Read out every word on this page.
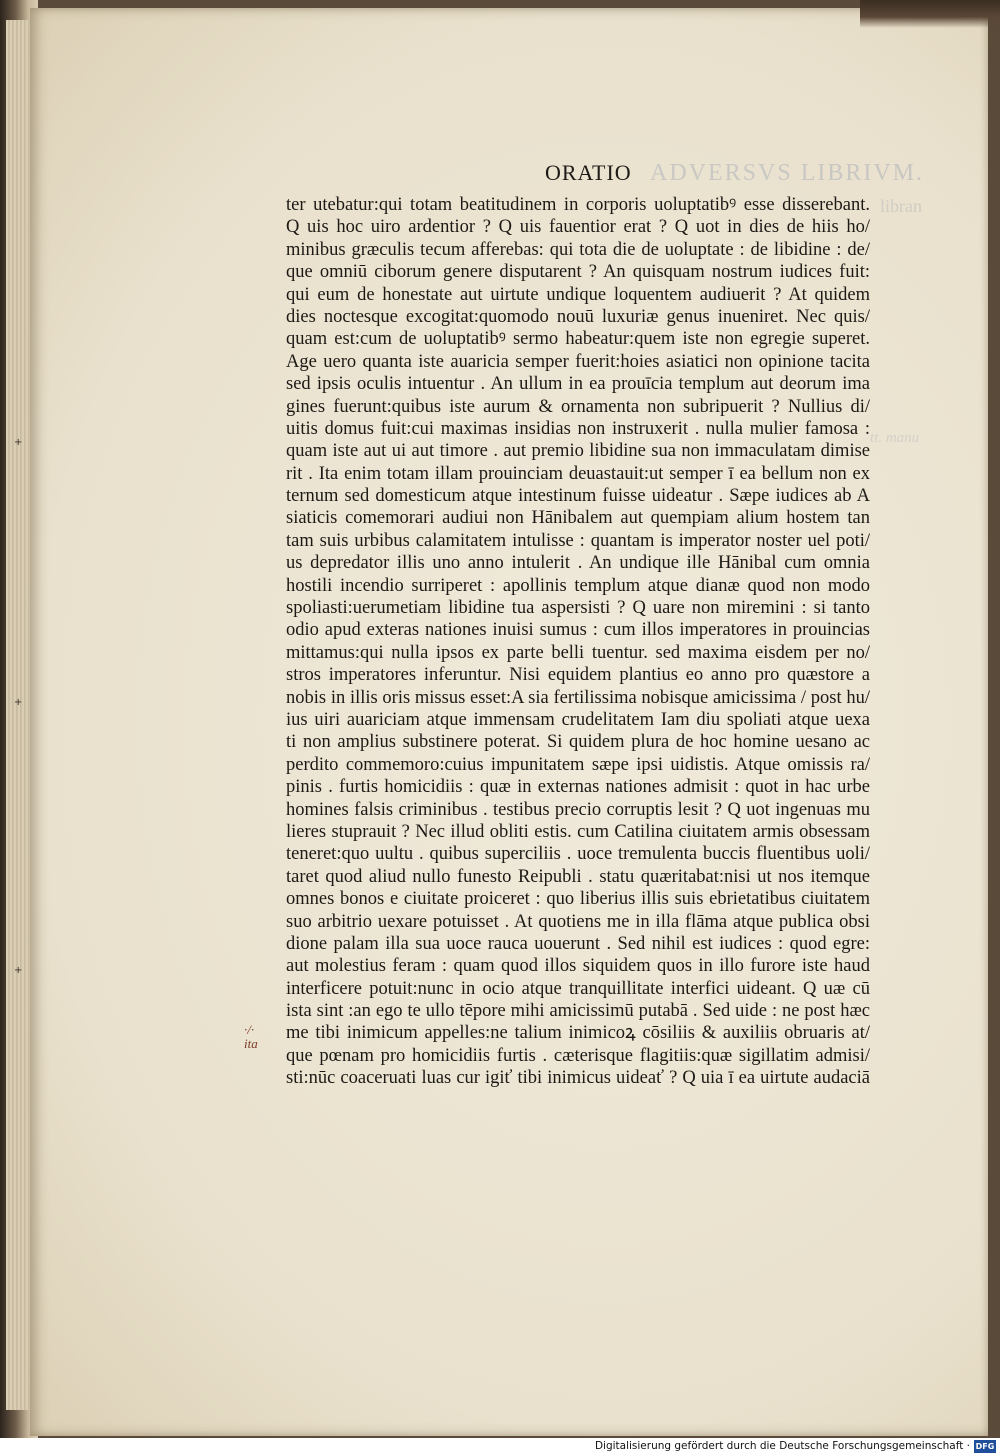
ADVERSVS LIBRIVM.
libran
tt. manu
ORATIO
ter utebatur:qui totam beatitudinem in corporis uoluptatibꝰ esse disserebant.
Q uis hoc uiro ardentior ? Q uis fauentior erat ? Q uot in dies de hiis ho/
minibus græculis tecum afferebas: qui tota die de uoluptate : de libidine : de/
que omniū ciborum genere disputarent ? An quisquam nostrum iudices fuit:
qui eum de honestate aut uirtute undique loquentem audiuerit ? At quidem
dies noctesque excogitat:quomodo nouū luxuriæ genus inueniret. Nec quis/
quam est:cum de uoluptatibꝰ sermo habeatur:quem iste non egregie superet.
Age uero quanta iste auaricia semper fuerit:hoies asiatici non opinione tacita
sed ipsis oculis intuentur . An ullum in ea prouīcia templum aut deorum ima
gines fuerunt:quibus iste aurum & ornamenta non subripuerit ? Nullius di/
uitis domus fuit:cui maximas insidias non instruxerit . nulla mulier famosa :
quam iste aut ui aut timore . aut premio libidine sua non immaculatam dimise
rit . Ita enim totam illam prouinciam deuastauit:ut semper ī ea bellum non ex
ternum sed domesticum atque intestinum fuisse uideatur . Sæpe iudices ab A
siaticis comemorari audiui non Hānibalem aut quempiam alium hostem tan
tam suis urbibus calamitatem intulisse : quantam is imperator noster uel poti/
us depredator illis uno anno intulerit . An undique ille Hānibal cum omnia
hostili incendio surriperet : apollinis templum atque dianæ quod non modo
spoliasti:uerumetiam libidine tua aspersisti ? Q uare non miremini : si tanto
odio apud exteras nationes inuisi sumus : cum illos imperatores in prouincias
mittamus:qui nulla ipsos ex parte belli tuentur. sed maxima eisdem per no/
stros imperatores inferuntur. Nisi equidem plantius eo anno pro quæstore a
nobis in illis oris missus esset:A sia fertilissima nobisque amicissima / post hu/
ius uiri auariciam atque immensam crudelitatem Iam diu spoliati atque uexa
ti non amplius substinere poterat. Si quidem plura de hoc homine uesano ac
perdito commemoro:cuius impunitatem sæpe ipsi uidistis. Atque omissis ra/
pinis . furtis homicidiis : quæ in externas nationes admisit : quot in hac urbe
homines falsis criminibus . testibus precio corruptis lesit ? Q uot ingenuas mu
lieres stuprauit ? Nec illud obliti estis. cum Catilina ciuitatem armis obsessam
teneret:quo uultu . quibus superciliis . uoce tremulenta buccis fluentibus uoli/
taret quod aliud nullo funesto Reipubli . statu quæritabat:nisi ut nos itemque
omnes bonos e ciuitate proiceret : quo liberius illis suis ebrietatibus ciuitatem
suo arbitrio uexare potuisset . At quotiens me in illa flāma atque publica obsi
dione palam illa sua uoce rauca uouerunt . Sed nihil est iudices : quod egre:
aut molestius feram : quam quod illos siquidem quos in illo furore iste haud
interficere potuit:nunc in ocio atque tranquillitate interfici uideant. Q uæ cū
ista sint :an ego te ullo tēpore mihi amicissimū putabā . Sed uide : ne post hæc
me tibi inimicum appelles:ne talium inimicoꝝ cōsiliis & auxiliis obruaris at/
que pœnam pro homicidiis furtis . cæterisque flagitiis:quæ sigillatim admisi/
sti:nūc coaceruati luas cur igiť tibi inimicus uideať ? Q uia ī ea uirtute audaciā
·/·
ita
+
+
+
Digitalisierung gefördert durch die Deutsche Forschungsgemeinschaft · DFG
